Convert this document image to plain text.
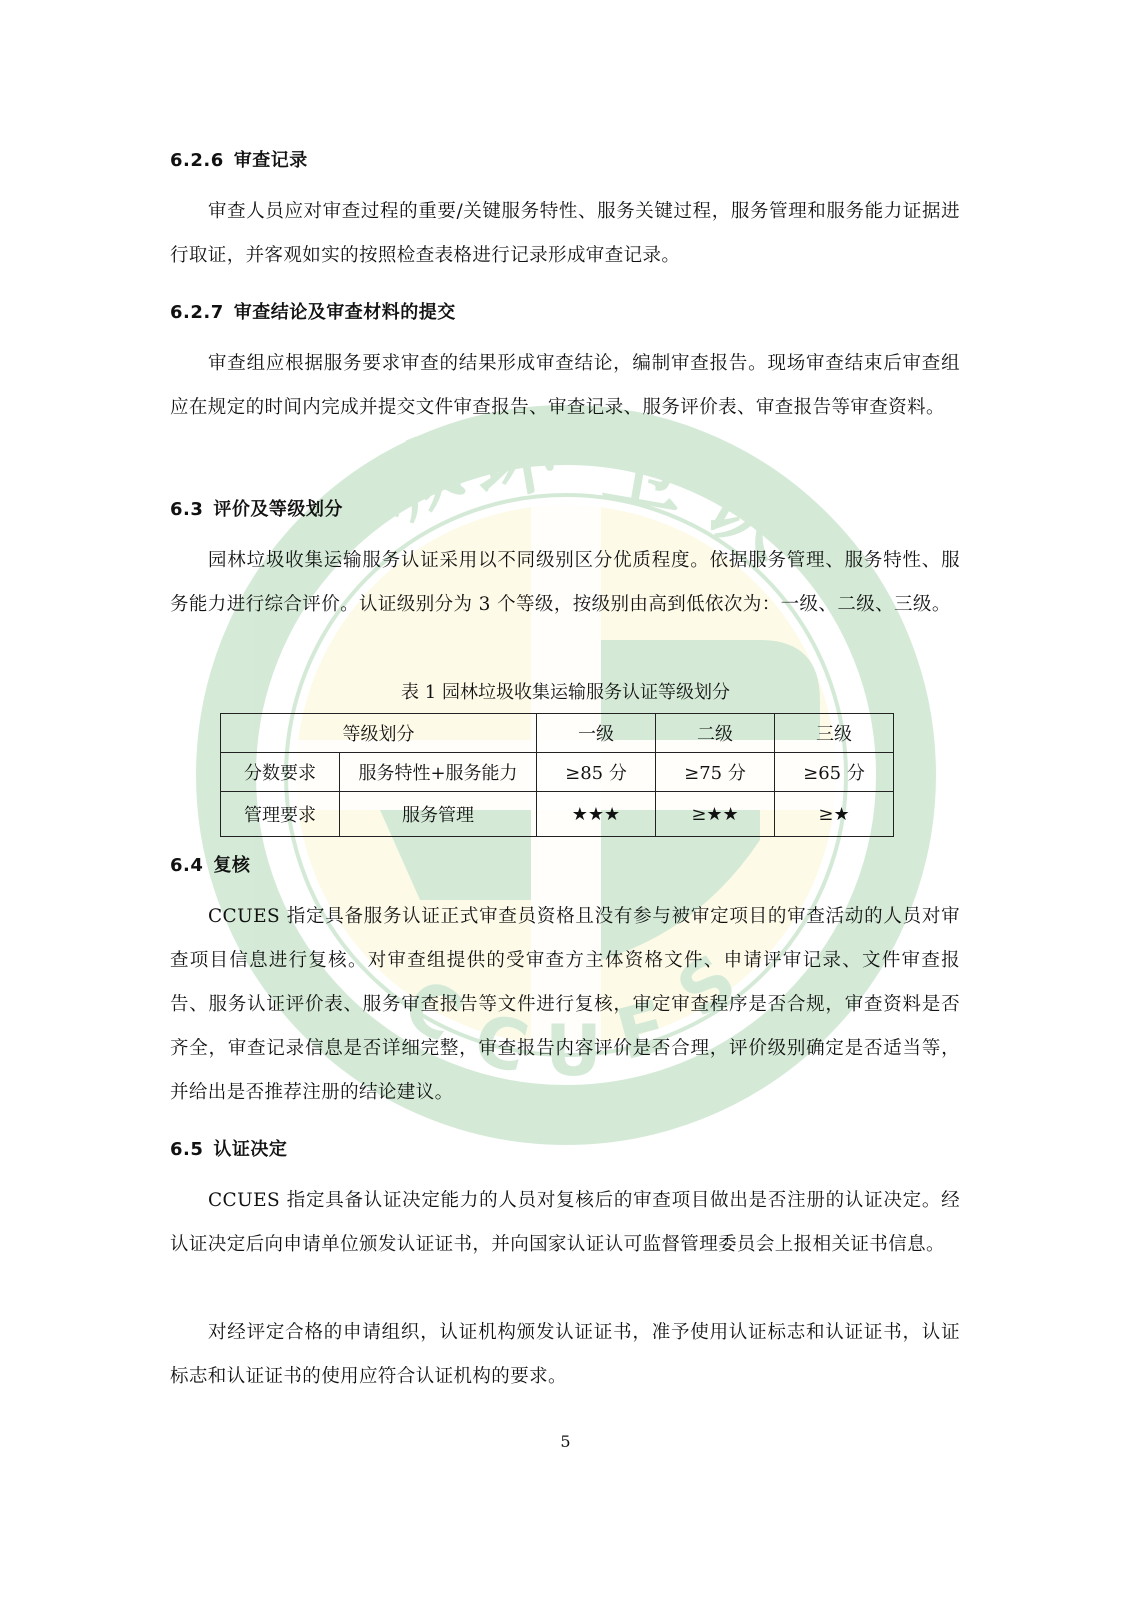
城
环 卫
认
C
C U E
S
6.2.6 审查记录
审查人员应对审查过程的重要/关键服务特性、服务关键过程，服务管理和服务能力证据进行取证，并客观如实的按照检查表格进行记录形成审查记录。
6.2.7 审查结论及审查材料的提交
审查组应根据服务要求审查的结果形成审查结论，编制审查报告。现场审查结束后审查组应在规定的时间内完成并提交文件审查报告、审查记录、服务评价表、审查报告等审查资料。
6.3 评价及等级划分
园林垃圾收集运输服务认证采用以不同级别区分优质程度。依据服务管理、服务特性、服务能力进行综合评价。认证级别分为 3 个等级，按级别由高到低依次为：一级、二级、三级。
表 1 园林垃圾收集运输服务认证等级划分
等级划分		一级	二级	三级
分数要求	服务特性+服务能力	≥85 分	≥75 分	≥65 分
管理要求	服务管理	★★★	≥★★	≥★
6.4 复核
CCUES 指定具备服务认证正式审查员资格且没有参与被审定项目的审查活动的人员对审查项目信息进行复核。对审查组提供的受审查方主体资格文件、申请评审记录、文件审查报告、服务认证评价表、服务审查报告等文件进行复核，审定审查程序是否合规，审查资料是否齐全，审查记录信息是否详细完整，审查报告内容评价是否合理，评价级别确定是否适当等，并给出是否推荐注册的结论建议。
6.5 认证决定
CCUES 指定具备认证决定能力的人员对复核后的审查项目做出是否注册的认证决定。经认证决定后向申请单位颁发认证证书，并向国家认证认可监督管理委员会上报相关证书信息。
对经评定合格的申请组织，认证机构颁发认证证书，准予使用认证标志和认证证书，认证标志和认证证书的使用应符合认证机构的要求。
5
